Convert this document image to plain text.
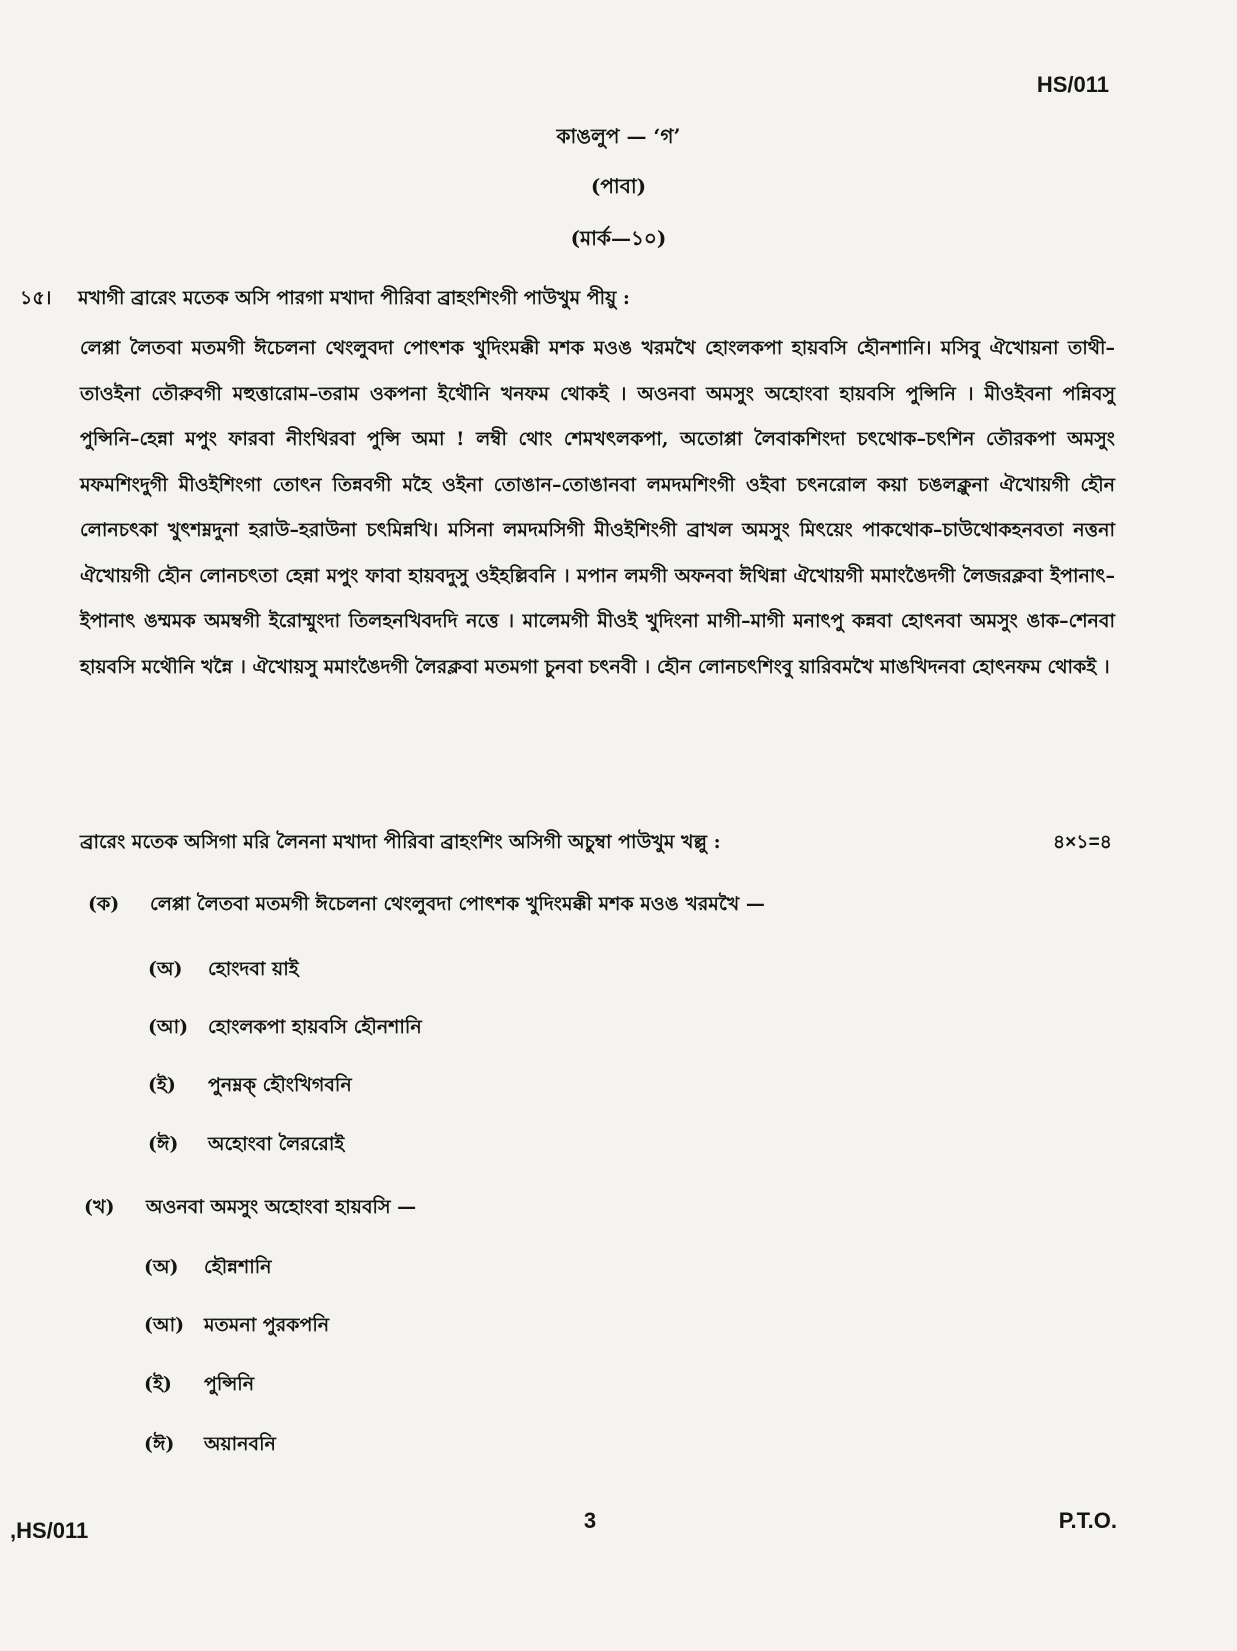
HS/011
কাঙলুপ — ‘গ’
(পাবা)
(মার্ক—১০)
১৫। মখাগী ব্রারেং মতেক অসি পারগা মখাদা পীরিবা ব্রাহংশিংগী পাউখুম পীয়ু :
লেপ্পা লৈতবা মতমগী ঈচেলনা থেংলুবদা পোৎশক খুদিংমক্কী মশক মওঙ খরমখৈ হোংলকপা হায়বসি হৌনশানি। মসিবু ঐখোয়না তাথী–তাওইনা তৌরুবগী মহুত্তারোম–তরাম ওকপনা ইথৌনি খনফম থোকই । অওনবা অমসুং অহোংবা হায়বসি পুন্সিনি । মীওইবনা পন্নিবসু পুন্সিনি–হেন্না মপুং ফারবা নীংথিরবা পুন্সি অমা ! লম্বী থোং শেমখৎলকপা, অতোপ্পা লৈবাকশিংদা চৎথোক–চৎশিন তৌরকপা অমসুং মফমশিংদুগী মীওইশিংগা তোৎন তিন্নবগী মহৈ ওইনা তোঙান–তোঙানবা লমদমশিংগী ওইবা চৎনরোল কয়া চঙলক্লুনা ঐখোয়গী হৌন লোনচৎকা খুৎশম্নদুনা হরাউ–হরাউনা চৎমিন্নখি। মসিনা লমদমসিগী মীওইশিংগী ব্রাখল অমসুং মিৎয়েং পাকথোক–চাউথোকহনবতা নত্তনা ঐখোয়গী হৌন লোনচৎতা হেন্না মপুং ফাবা হায়বদুসু ওইহল্লিবনি । মপান লমগী অফনবা ঈথিন্না ঐখোয়গী মমাংঙৈদগী লৈজরক্লবা ইপানাৎ–ইপানাৎ ঙম্মমক অমম্বগী ইরোম্মুংদা তিলহনখিবদদি নত্তে । মালেমগী মীওই খুদিংনা মাগী–মাগী মনাৎপু কন্নবা হোৎনবা অমসুং ঙাক–শেনবা হায়বসি মথৌনি খন্নৈ । ঐখোয়সু মমাংঙৈদগী লৈরক্লবা মতমগা চুনবা চৎনবী । হৌন লোনচৎশিংবু য়ারিবমখৈ মাঙখিদনবা হোৎনফম থোকই ।
ব্রারেং মতেক অসিগা মরি লৈননা মখাদা পীরিবা ব্রাহংশিং অসিগী অচুম্বা পাউখুম খল্লু :	৪×১=৪
(ক) লেপ্পা লৈতবা মতমগী ঈচেলনা থেংলুবদা পোৎশক খুদিংমক্কী মশক মওঙ খরমখৈ —
(অ) হোংদবা য়াই
(আ) হোংলকপা হায়বসি হৌনশানি
(ই) পুনম্নক্ হৌংখিগবনি
(ঈ) অহোংবা লৈররোই
(খ) অওনবা অমসুং অহোংবা হায়বসি —
(অ) হৌন্নশানি
(আ) মতমনা পুরকপনি
(ই) পুন্সিনি
(ঈ) অয়ানবনি
,HS/011	3	P.T.O.
